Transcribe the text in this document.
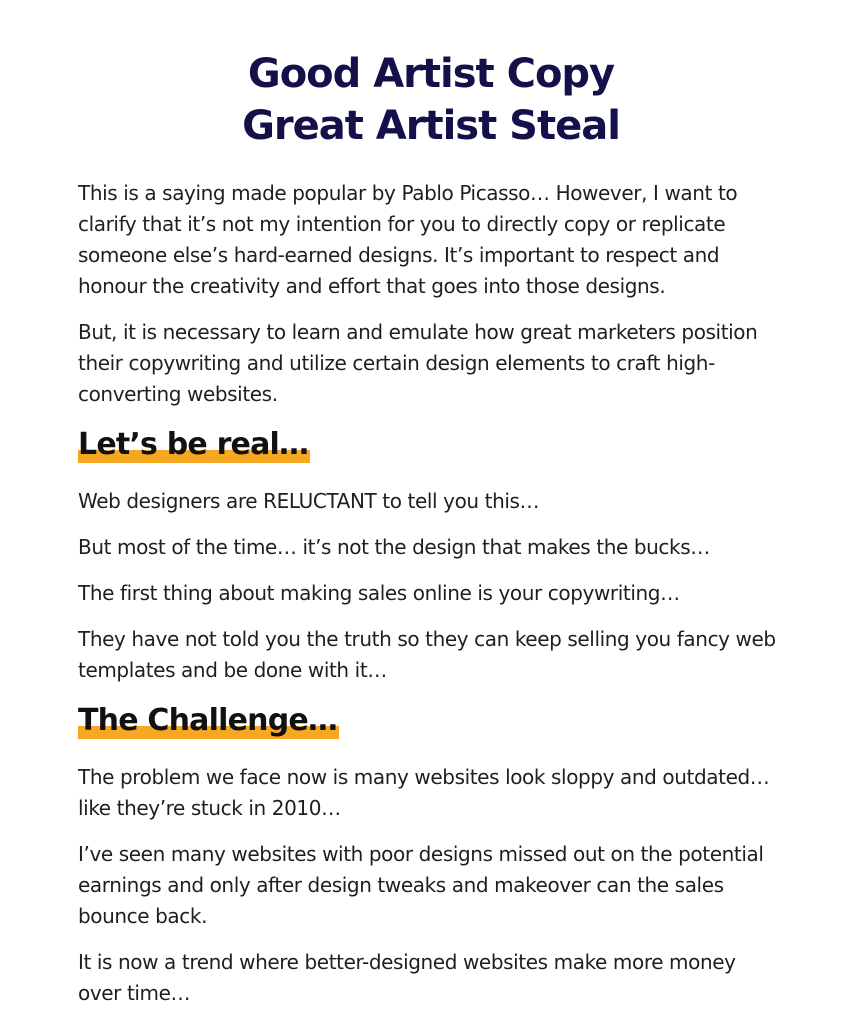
Good Artist Copy
Great Artist Steal

This is a saying made popular by Pablo Picasso… However, I want to clarify that it’s not my intention for you to directly copy or replicate someone else’s hard-earned designs. It’s important to respect and honour the creativity and effort that goes into those designs.

But, it is necessary to learn and emulate how great marketers position their copywriting and utilize certain design elements to craft high-converting websites.

Let’s be real…

Web designers are RELUCTANT to tell you this…

But most of the time… it’s not the design that makes the bucks…

The first thing about making sales online is your copywriting…

They have not told you the truth so they can keep selling you fancy web templates and be done with it…

The Challenge…

The problem we face now is many websites look sloppy and outdated… like they’re stuck in 2010…

I’ve seen many websites with poor designs missed out on the potential earnings and only after design tweaks and makeover can the sales bounce back.

It is now a trend where better-designed websites make more money over time…
